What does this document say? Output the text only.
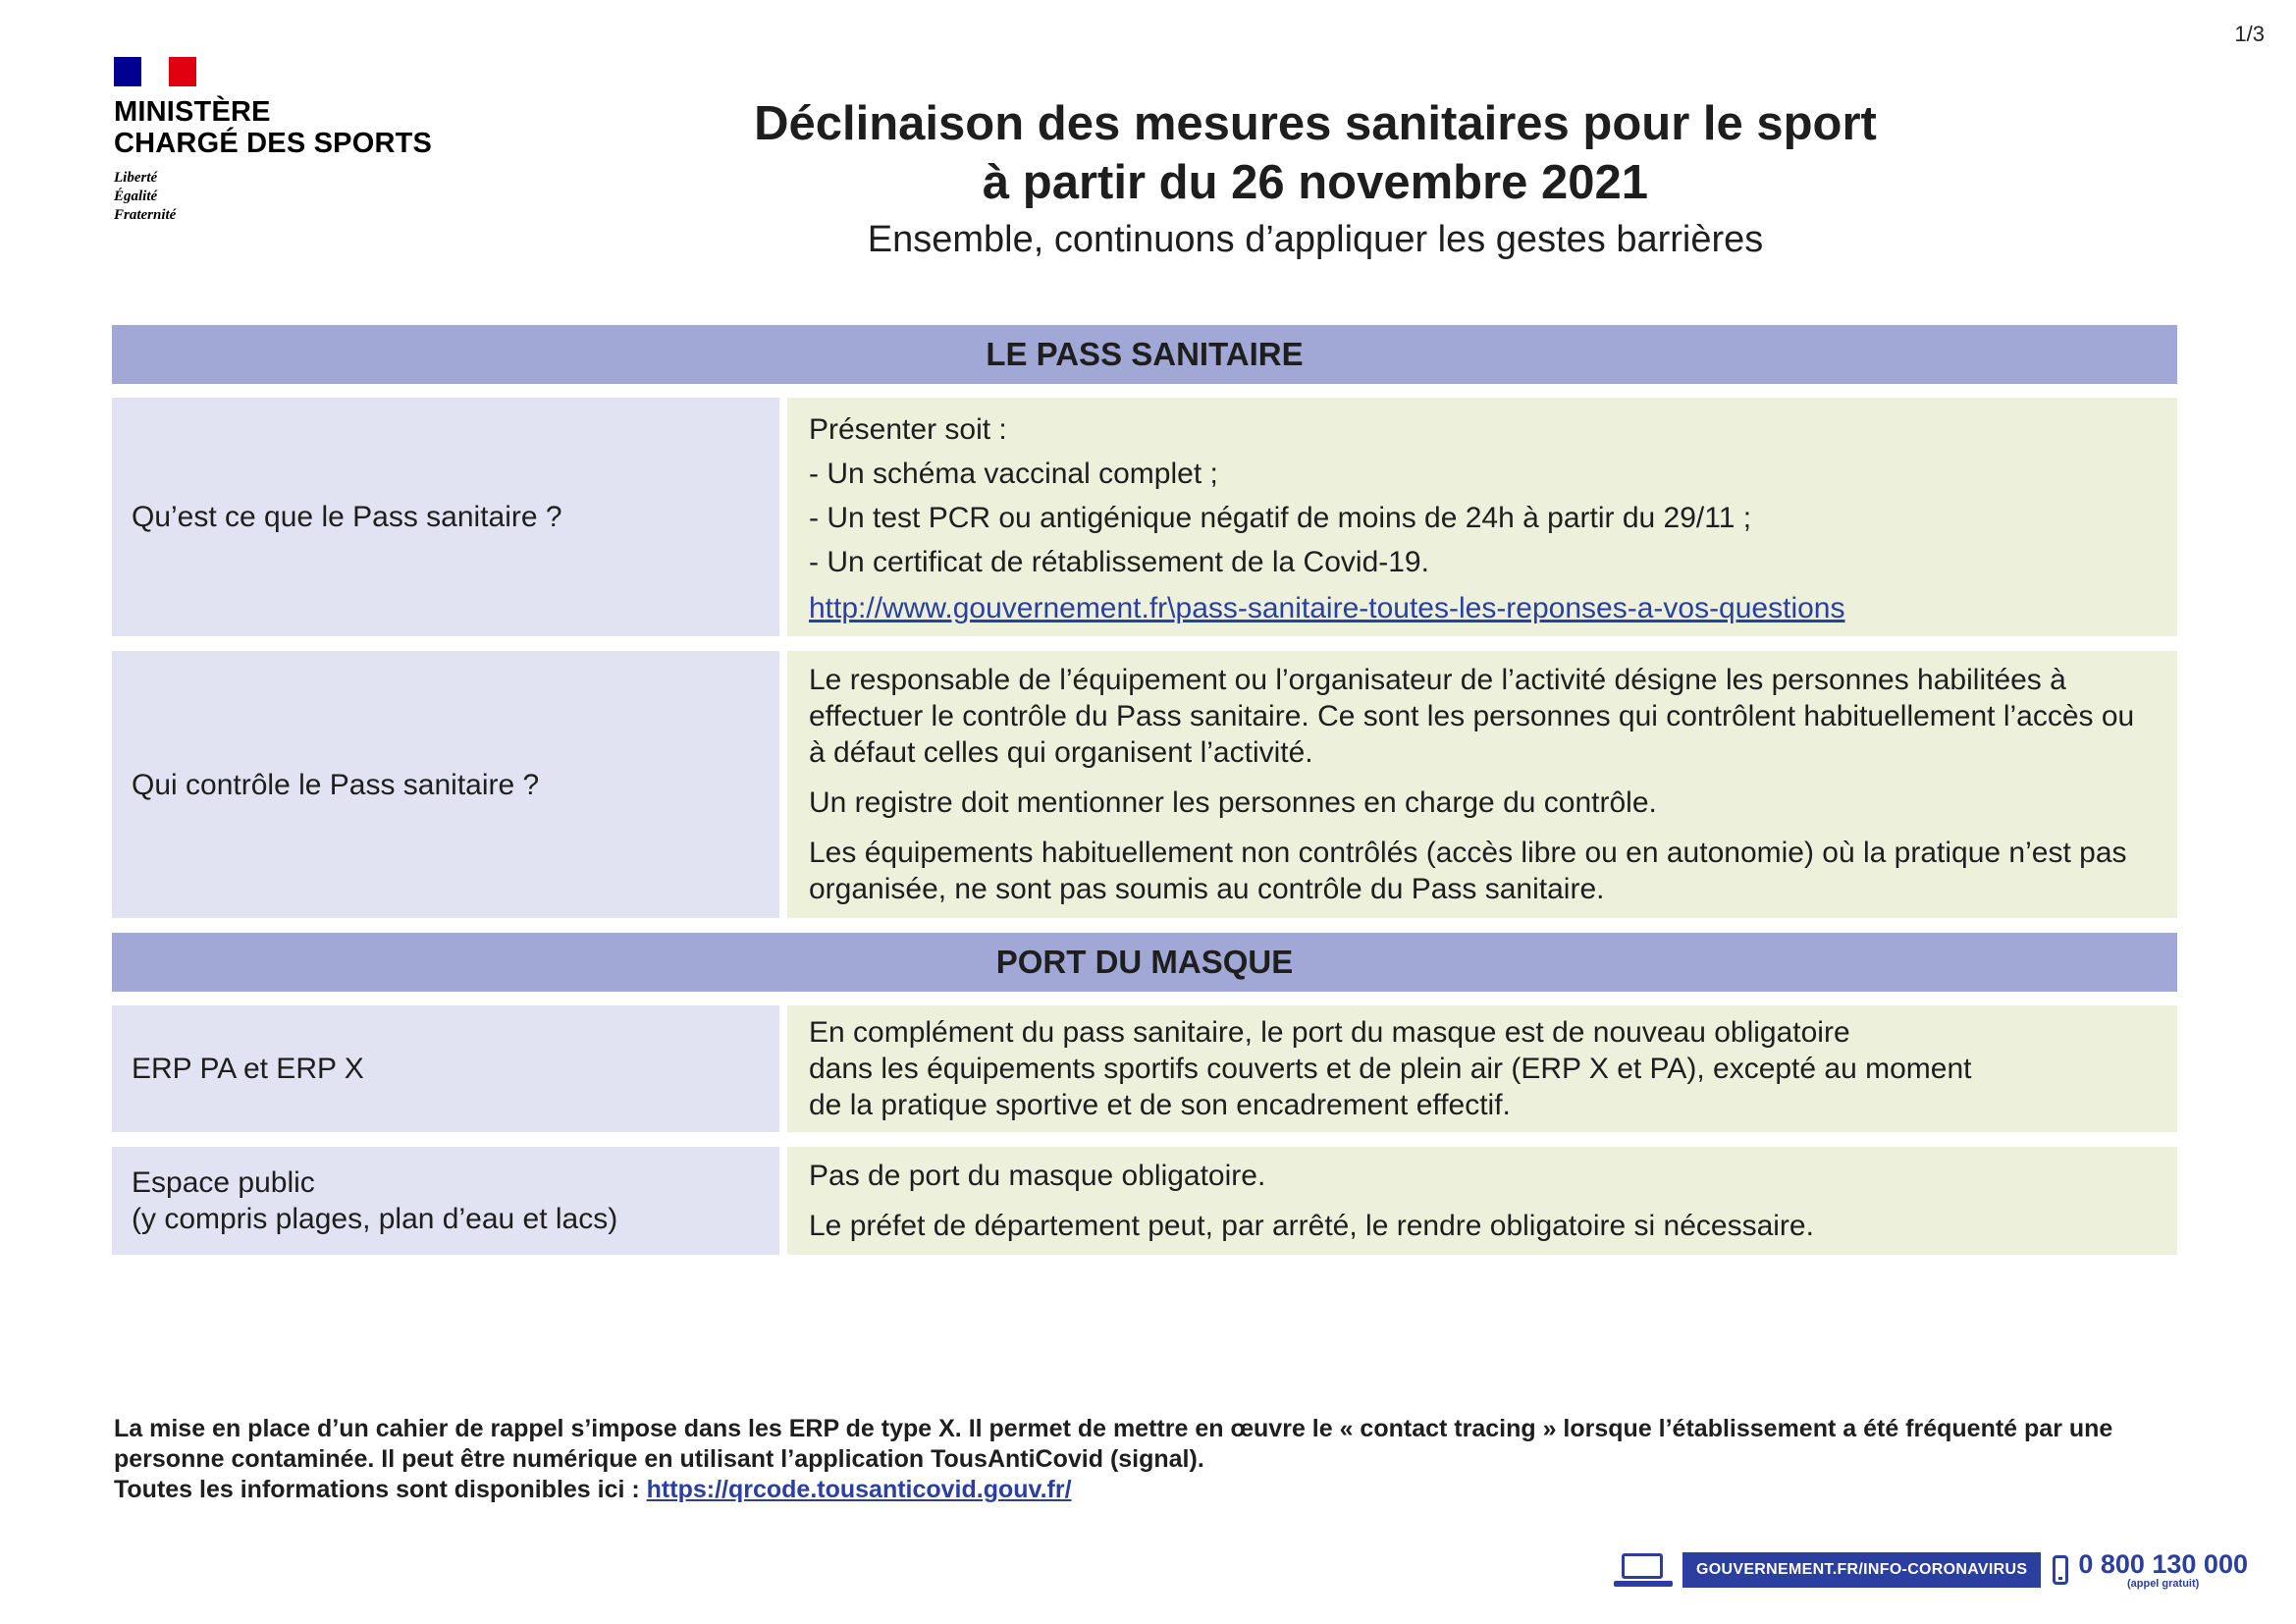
1/3
MINISTÈRE
CHARGÉ DES SPORTS
Liberté
Égalité
Fraternité
Déclinaison des mesures sanitaires pour le sport
à partir du 26 novembre 2021
Ensemble, continuons d’appliquer les gestes barrières
LE PASS SANITAIRE
Qu’est ce que le Pass sanitaire ?
Présenter soit :
- Un schéma vaccinal complet ;
- Un test PCR ou antigénique négatif de moins de 24h à partir du 29/11 ;
- Un certificat de rétablissement de la Covid-19.
http://www.gouvernement.fr\pass-sanitaire-toutes-les-reponses-a-vos-questions
Qui contrôle le Pass sanitaire ?

Le responsable de l’équipement ou l’organisateur de l’activité désigne les personnes habilitées à effectuer le contrôle du Pass sanitaire. Ce sont les personnes qui contrôlent habituellement l’accès ou à défaut celles qui organisent l’activité.

Un registre doit mentionner les personnes en charge du contrôle.

Les équipements habituellement non contrôlés (accès libre ou en autonomie) où la pratique n’est pas organisée, ne sont pas soumis au contrôle du Pass sanitaire.

PORT DU MASQUE
ERP PA et ERP X
En complément du pass sanitaire, le port du masque est de nouveau obligatoire
dans les équipements sportifs couverts et de plein air (ERP X et PA), excepté au moment
de la pratique sportive et de son encadrement effectif.
Espace public
(y compris plages, plan d’eau et lacs)

Pas de port du masque obligatoire.

Le préfet de département peut, par arrêté, le rendre obligatoire si nécessaire.

La mise en place d’un cahier de rappel s’impose dans les ERP de type X. Il permet de mettre en œuvre le « contact tracing » lorsque l’établissement a été fréquenté par une personne contaminée. Il peut être numérique en utilisant l’application TousAntiCovid (signal).
Toutes les informations sont disponibles ici : https://qrcode.tousanticovid.gouv.fr/
GOUVERNEMENT.FR/INFO-CORONAVIRUS	0 800 130 000
(appel gratuit)
